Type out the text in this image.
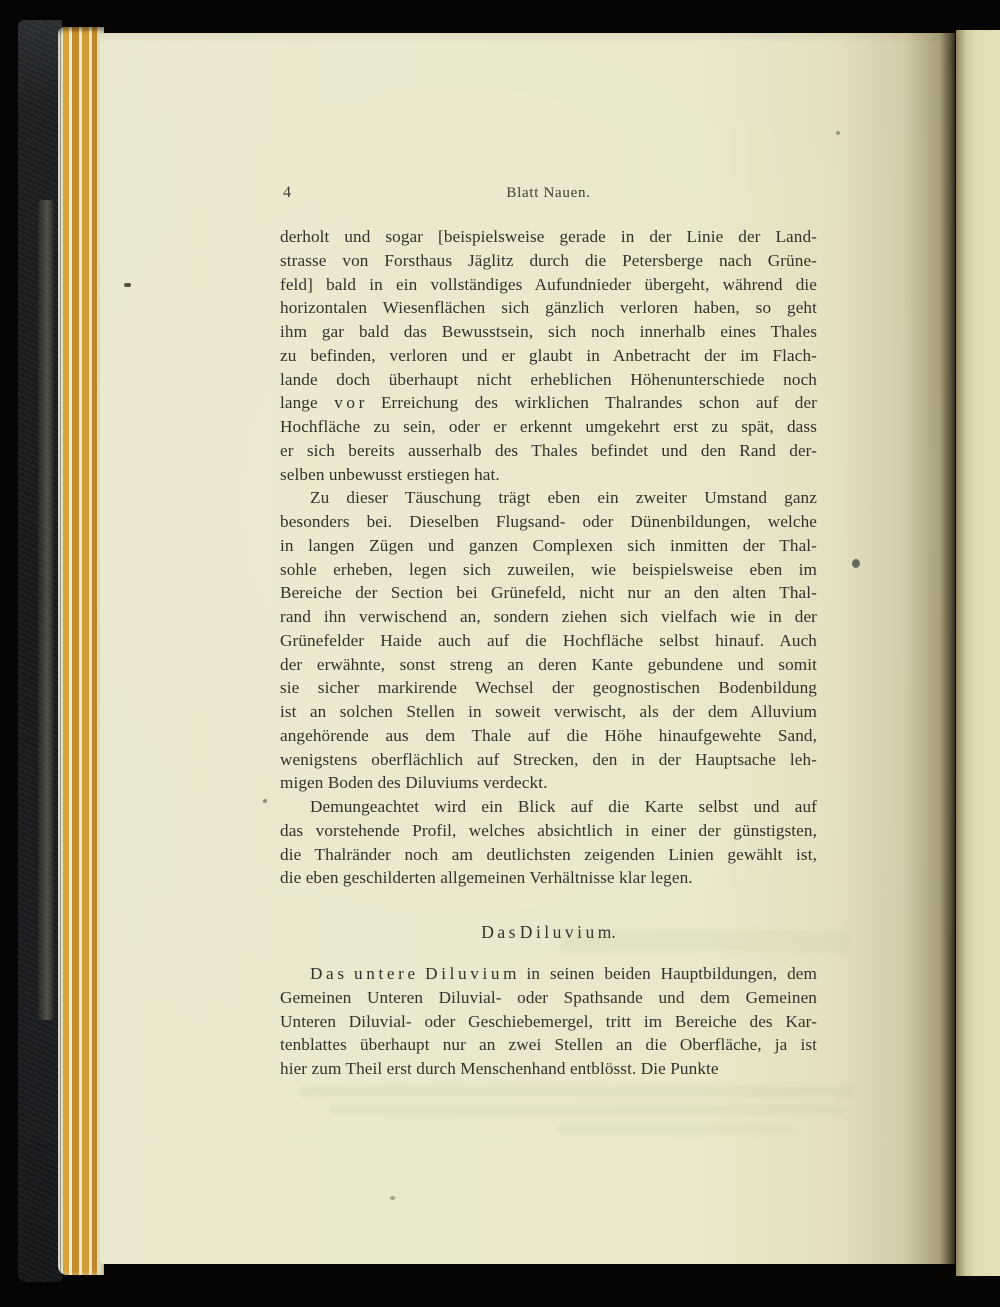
4	Blatt Nauen.
derholt und sogar [beispielsweise gerade in der Linie der Land-
strasse von Forsthaus Jäglitz durch die Petersberge nach Grüne-
feld] bald in ein vollständiges Aufundnieder übergeht, während die
horizontalen Wiesenflächen sich gänzlich verloren haben, so geht
ihm gar bald das Bewusstsein, sich noch innerhalb eines Thales
zu befinden, verloren und er glaubt in Anbetracht der im Flach-
lande doch überhaupt nicht erheblichen Höhenunterschiede noch
lange v o r Erreichung des wirklichen Thalrandes schon auf der
Hochfläche zu sein, oder er erkennt umgekehrt erst zu spät, dass
er sich bereits ausserhalb des Thales befindet und den Rand der-
selben unbewusst erstiegen hat.
Zu dieser Täuschung trägt eben ein zweiter Umstand ganz
besonders bei. Dieselben Flugsand- oder Dünenbildungen, welche
in langen Zügen und ganzen Complexen sich inmitten der Thal-
sohle erheben, legen sich zuweilen, wie beispielsweise eben im
Bereiche der Section bei Grünefeld, nicht nur an den alten Thal-
rand ihn verwischend an, sondern ziehen sich vielfach wie in der
Grünefelder Haide auch auf die Hochfläche selbst hinauf. Auch
der erwähnte, sonst streng an deren Kante gebundene und somit
sie sicher markirende Wechsel der geognostischen Bodenbildung
ist an solchen Stellen in soweit verwischt, als der dem Alluvium
angehörende aus dem Thale auf die Höhe hinaufgewehte Sand,
wenigstens oberflächlich auf Strecken, den in der Hauptsache leh-
migen Boden des Diluviums verdeckt.
Demungeachtet wird ein Blick auf die Karte selbst und auf
das vorstehende Profil, welches absichtlich in einer der günstigsten,
die Thalränder noch am deutlichsten zeigenden Linien gewählt ist,
die eben geschilderten allgemeinen Verhältnisse klar legen.
D a s D i l u v i u m.
D a s u n t e r e D i l u v i u m in seinen beiden Hauptbildungen, dem
Gemeinen Unteren Diluvial- oder Spathsande und dem Gemeinen
Unteren Diluvial- oder Geschiebemergel, tritt im Bereiche des Kar-
tenblattes überhaupt nur an zwei Stellen an die Oberfläche, ja ist
hier zum Theil erst durch Menschenhand entblösst. Die Punkte
